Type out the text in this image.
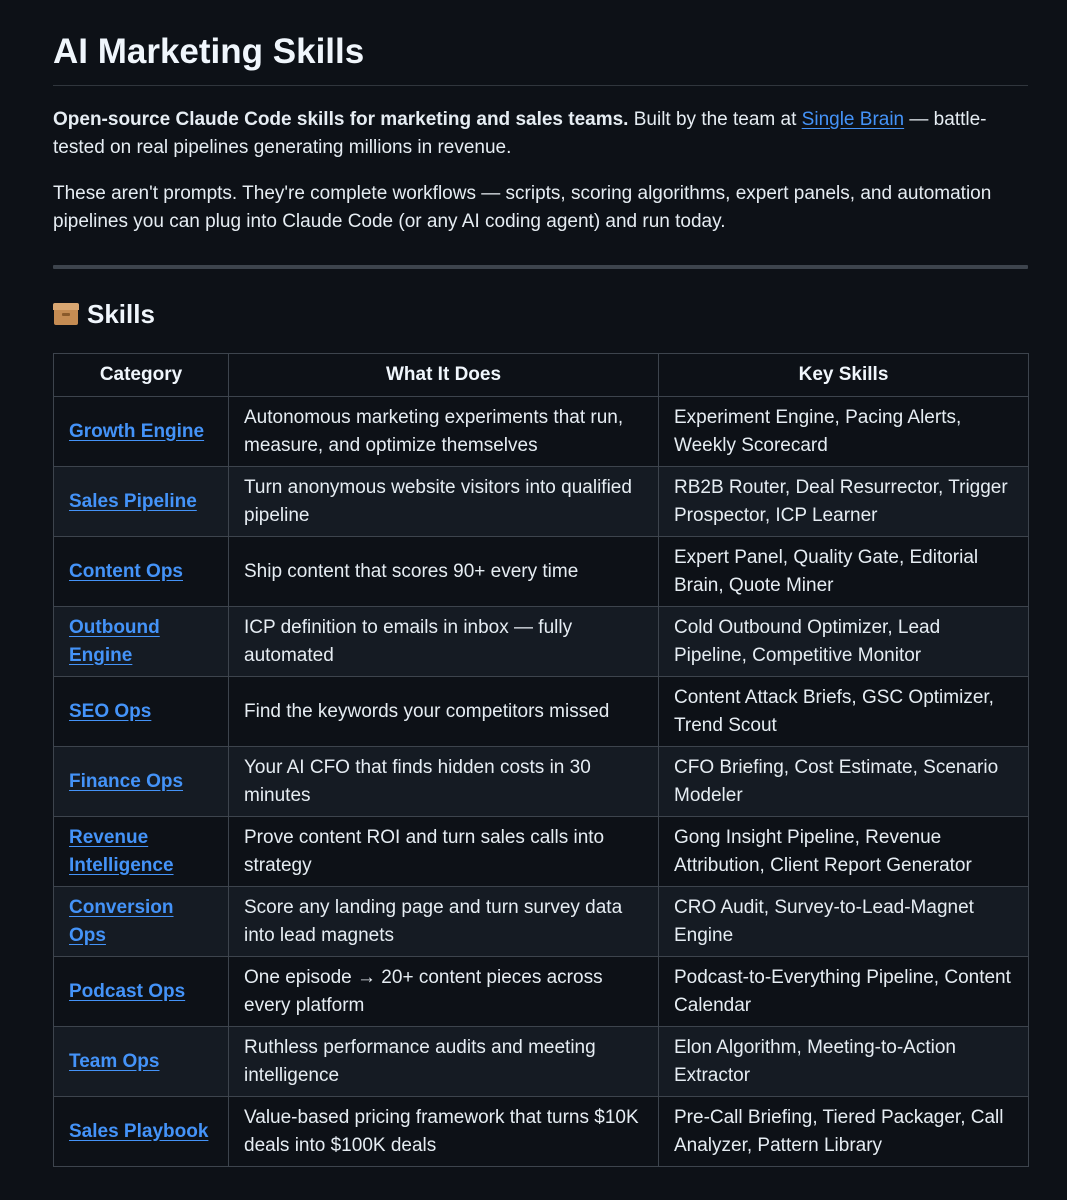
AI Marketing Skills

Open-source Claude Code skills for marketing and sales teams. Built by the team at Single Brain — battle-tested on real pipelines generating millions in revenue.

These aren't prompts. They're complete workflows — scripts, scoring algorithms, expert panels, and automation pipelines you can plug into Claude Code (or any AI coding agent) and run today.

Skills
Category	What It Does	Key Skills
Growth Engine	Autonomous marketing experiments that run, measure, and optimize themselves	Experiment Engine, Pacing Alerts, Weekly Scorecard
Sales Pipeline	Turn anonymous website visitors into qualified pipeline	RB2B Router, Deal Resurrector, Trigger Prospector, ICP Learner
Content Ops	Ship content that scores 90+ every time	Expert Panel, Quality Gate, Editorial Brain, Quote Miner
Outbound Engine	ICP definition to emails in inbox — fully automated	Cold Outbound Optimizer, Lead Pipeline, Competitive Monitor
SEO Ops	Find the keywords your competitors missed	Content Attack Briefs, GSC Optimizer, Trend Scout
Finance Ops	Your AI CFO that finds hidden costs in 30 minutes	CFO Briefing, Cost Estimate, Scenario Modeler
Revenue Intelligence	Prove content ROI and turn sales calls into strategy	Gong Insight Pipeline, Revenue Attribution, Client Report Generator
Conversion Ops	Score any landing page and turn survey data into lead magnets	CRO Audit, Survey-to-Lead-Magnet Engine
Podcast Ops	One episode → 20+ content pieces across every platform	Podcast-to-Everything Pipeline, Content Calendar
Team Ops	Ruthless performance audits and meeting intelligence	Elon Algorithm, Meeting-to-Action Extractor
Sales Playbook	Value-based pricing framework that turns $10K deals into $100K deals	Pre-Call Briefing, Tiered Packager, Call Analyzer, Pattern Library
